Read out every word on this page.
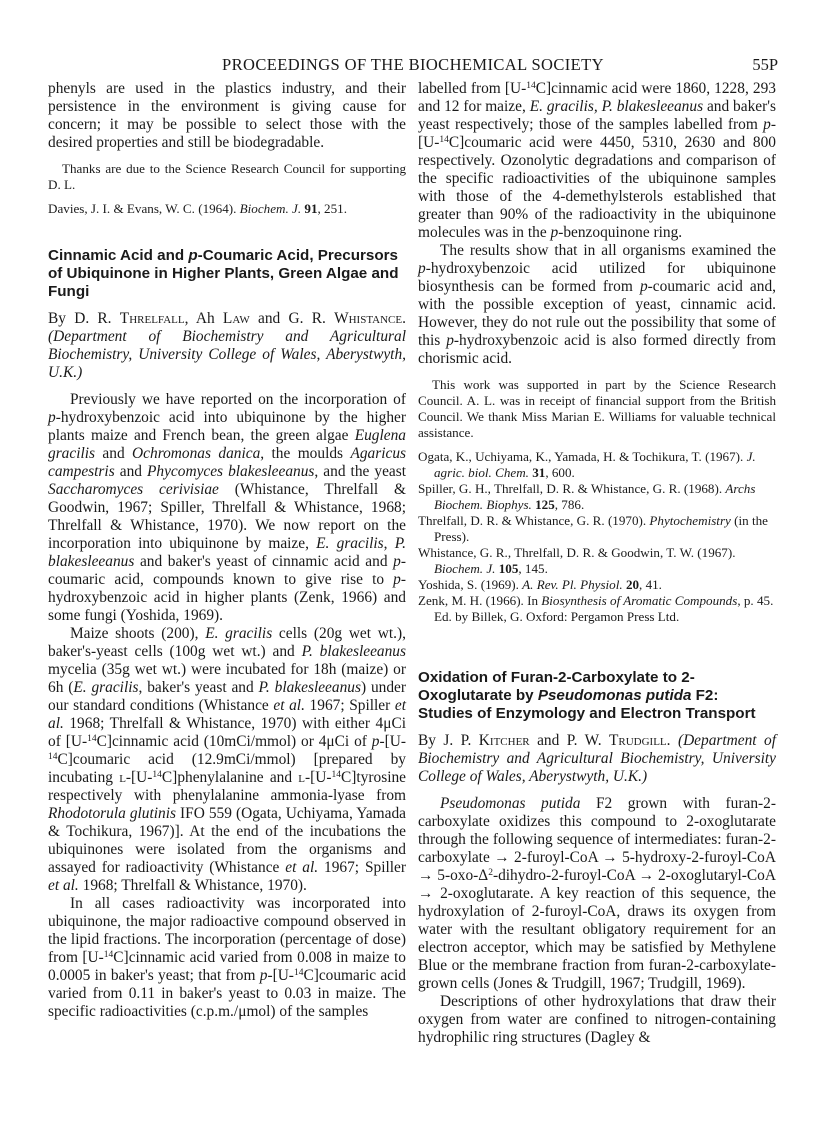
PROCEEDINGS OF THE BIOCHEMICAL SOCIETY	55P

phenyls are used in the plastics industry, and their persistence in the environment is giving cause for concern; it may be possible to select those with the desired properties and still be biodegradable.

Thanks are due to the Science Research Council for supporting D. L.

Davies, J. I. & Evans, W. C. (1964). Biochem. J. 91, 251.

Cinnamic Acid and p-Coumaric Acid, Precursors of Ubiquinone in Higher Plants, Green Algae and Fungi

By D. R. Threlfall, Ah Law and G. R. Whistance. (Department of Biochemistry and Agricultural Biochemistry, University College of Wales, Aberystwyth, U.K.)

Previously we have reported on the incorporation of p-hydroxybenzoic acid into ubiquinone by the higher plants maize and French bean, the green algae Euglena gracilis and Ochromonas danica, the moulds Agaricus campestris and Phycomyces blakesleeanus, and the yeast Saccharomyces cerivisiae (Whistance, Threlfall & Goodwin, 1967; Spiller, Threlfall & Whistance, 1968; Threlfall & Whistance, 1970). We now report on the incorporation into ubiquinone by maize, E. gracilis, P. blakesleeanus and baker's yeast of cinnamic acid and p-coumaric acid, compounds known to give rise to p-hydroxybenzoic acid in higher plants (Zenk, 1966) and some fungi (Yoshida, 1969).

Maize shoots (200), E. gracilis cells (20g wet wt.), baker's-yeast cells (100g wet wt.) and P. blakesleeanus mycelia (35g wet wt.) were incubated for 18h (maize) or 6h (E. gracilis, baker's yeast and P. blakesleeanus) under our standard conditions (Whistance et al. 1967; Spiller et al. 1968; Threlfall & Whistance, 1970) with either 4μCi of [U-$^{14}$C]cinnamic acid (10mCi/mmol) or 4μCi of p-[U-$^{14}$C]coumaric acid (12.9mCi/mmol) [prepared by incubating l-[U-$^{14}$C]phenylalanine and l-[U-$^{14}$C]tyrosine respectively with phenylalanine ammonia-lyase from Rhodotorula glutinis IFO 559 (Ogata, Uchiyama, Yamada & Tochikura, 1967)]. At the end of the incubations the ubiquinones were isolated from the organisms and assayed for radioactivity (Whistance et al. 1967; Spiller et al. 1968; Threlfall & Whistance, 1970).

In all cases radioactivity was incorporated into ubiquinone, the major radioactive compound observed in the lipid fractions. The incorporation (percentage of dose) from [U-$^{14}$C]cinnamic acid varied from 0.008 in maize to 0.0005 in baker's yeast; that from p-[U-$^{14}$C]coumaric acid varied from 0.11 in baker's yeast to 0.03 in maize. The specific radioactivities (c.p.m./μmol) of the samples

labelled from [U-$^{14}$C]cinnamic acid were 1860, 1228, 293 and 12 for maize, E. gracilis, P. blakesleeanus and baker's yeast respectively; those of the samples labelled from p-[U-$^{14}$C]coumaric acid were 4450, 5310, 2630 and 800 respectively. Ozonolytic degradations and comparison of the specific radioactivities of the ubiquinone samples with those of the 4-demethylsterols established that greater than 90% of the radioactivity in the ubiquinone molecules was in the p-benzoquinone ring.

The results show that in all organisms examined the p-hydroxybenzoic acid utilized for ubiquinone biosynthesis can be formed from p-coumaric acid and, with the possible exception of yeast, cinnamic acid. However, they do not rule out the possibility that some of this p-hydroxybenzoic acid is also formed directly from chorismic acid.

This work was supported in part by the Science Research Council. A. L. was in receipt of financial support from the British Council. We thank Miss Marian E. Williams for valuable technical assistance.

Ogata, K., Uchiyama, K., Yamada, H. & Tochikura, T. (1967). J. agric. biol. Chem. 31, 600.

Spiller, G. H., Threlfall, D. R. & Whistance, G. R. (1968). Archs Biochem. Biophys. 125, 786.

Threlfall, D. R. & Whistance, G. R. (1970). Phytochemistry (in the Press).

Whistance, G. R., Threlfall, D. R. & Goodwin, T. W. (1967). Biochem. J. 105, 145.

Yoshida, S. (1969). A. Rev. Pl. Physiol. 20, 41.

Zenk, M. H. (1966). In Biosynthesis of Aromatic Compounds, p. 45. Ed. by Billek, G. Oxford: Pergamon Press Ltd.

Oxidation of Furan-2-Carboxylate to 2-Oxoglutarate by Pseudomonas putida F2: Studies of Enzymology and Electron Transport

By J. P. Kitcher and P. W. Trudgill. (Department of Biochemistry and Agricultural Biochemistry, University College of Wales, Aberystwyth, U.K.)

Pseudomonas putida F2 grown with furan-2-carboxylate oxidizes this compound to 2-oxoglutarate through the following sequence of intermediates: furan-2-carboxylate → 2-furoyl-CoA → 5-hydroxy-2-furoyl-CoA → $5-oxo-\Delta^2-dihydro-2-furoyl$-CoA → 2-oxoglutaryl-CoA → 2-oxoglutarate. A key reaction of this sequence, the hydroxylation of 2-furoyl-CoA, draws its oxygen from water with the resultant obligatory requirement for an electron acceptor, which may be satisfied by Methylene Blue or the membrane fraction from furan-2-carboxylate-grown cells (Jones & Trudgill, 1967; Trudgill, 1969).

Descriptions of other hydroxylations that draw their oxygen from water are confined to nitrogen-containing hydrophilic ring structures (Dagley &
